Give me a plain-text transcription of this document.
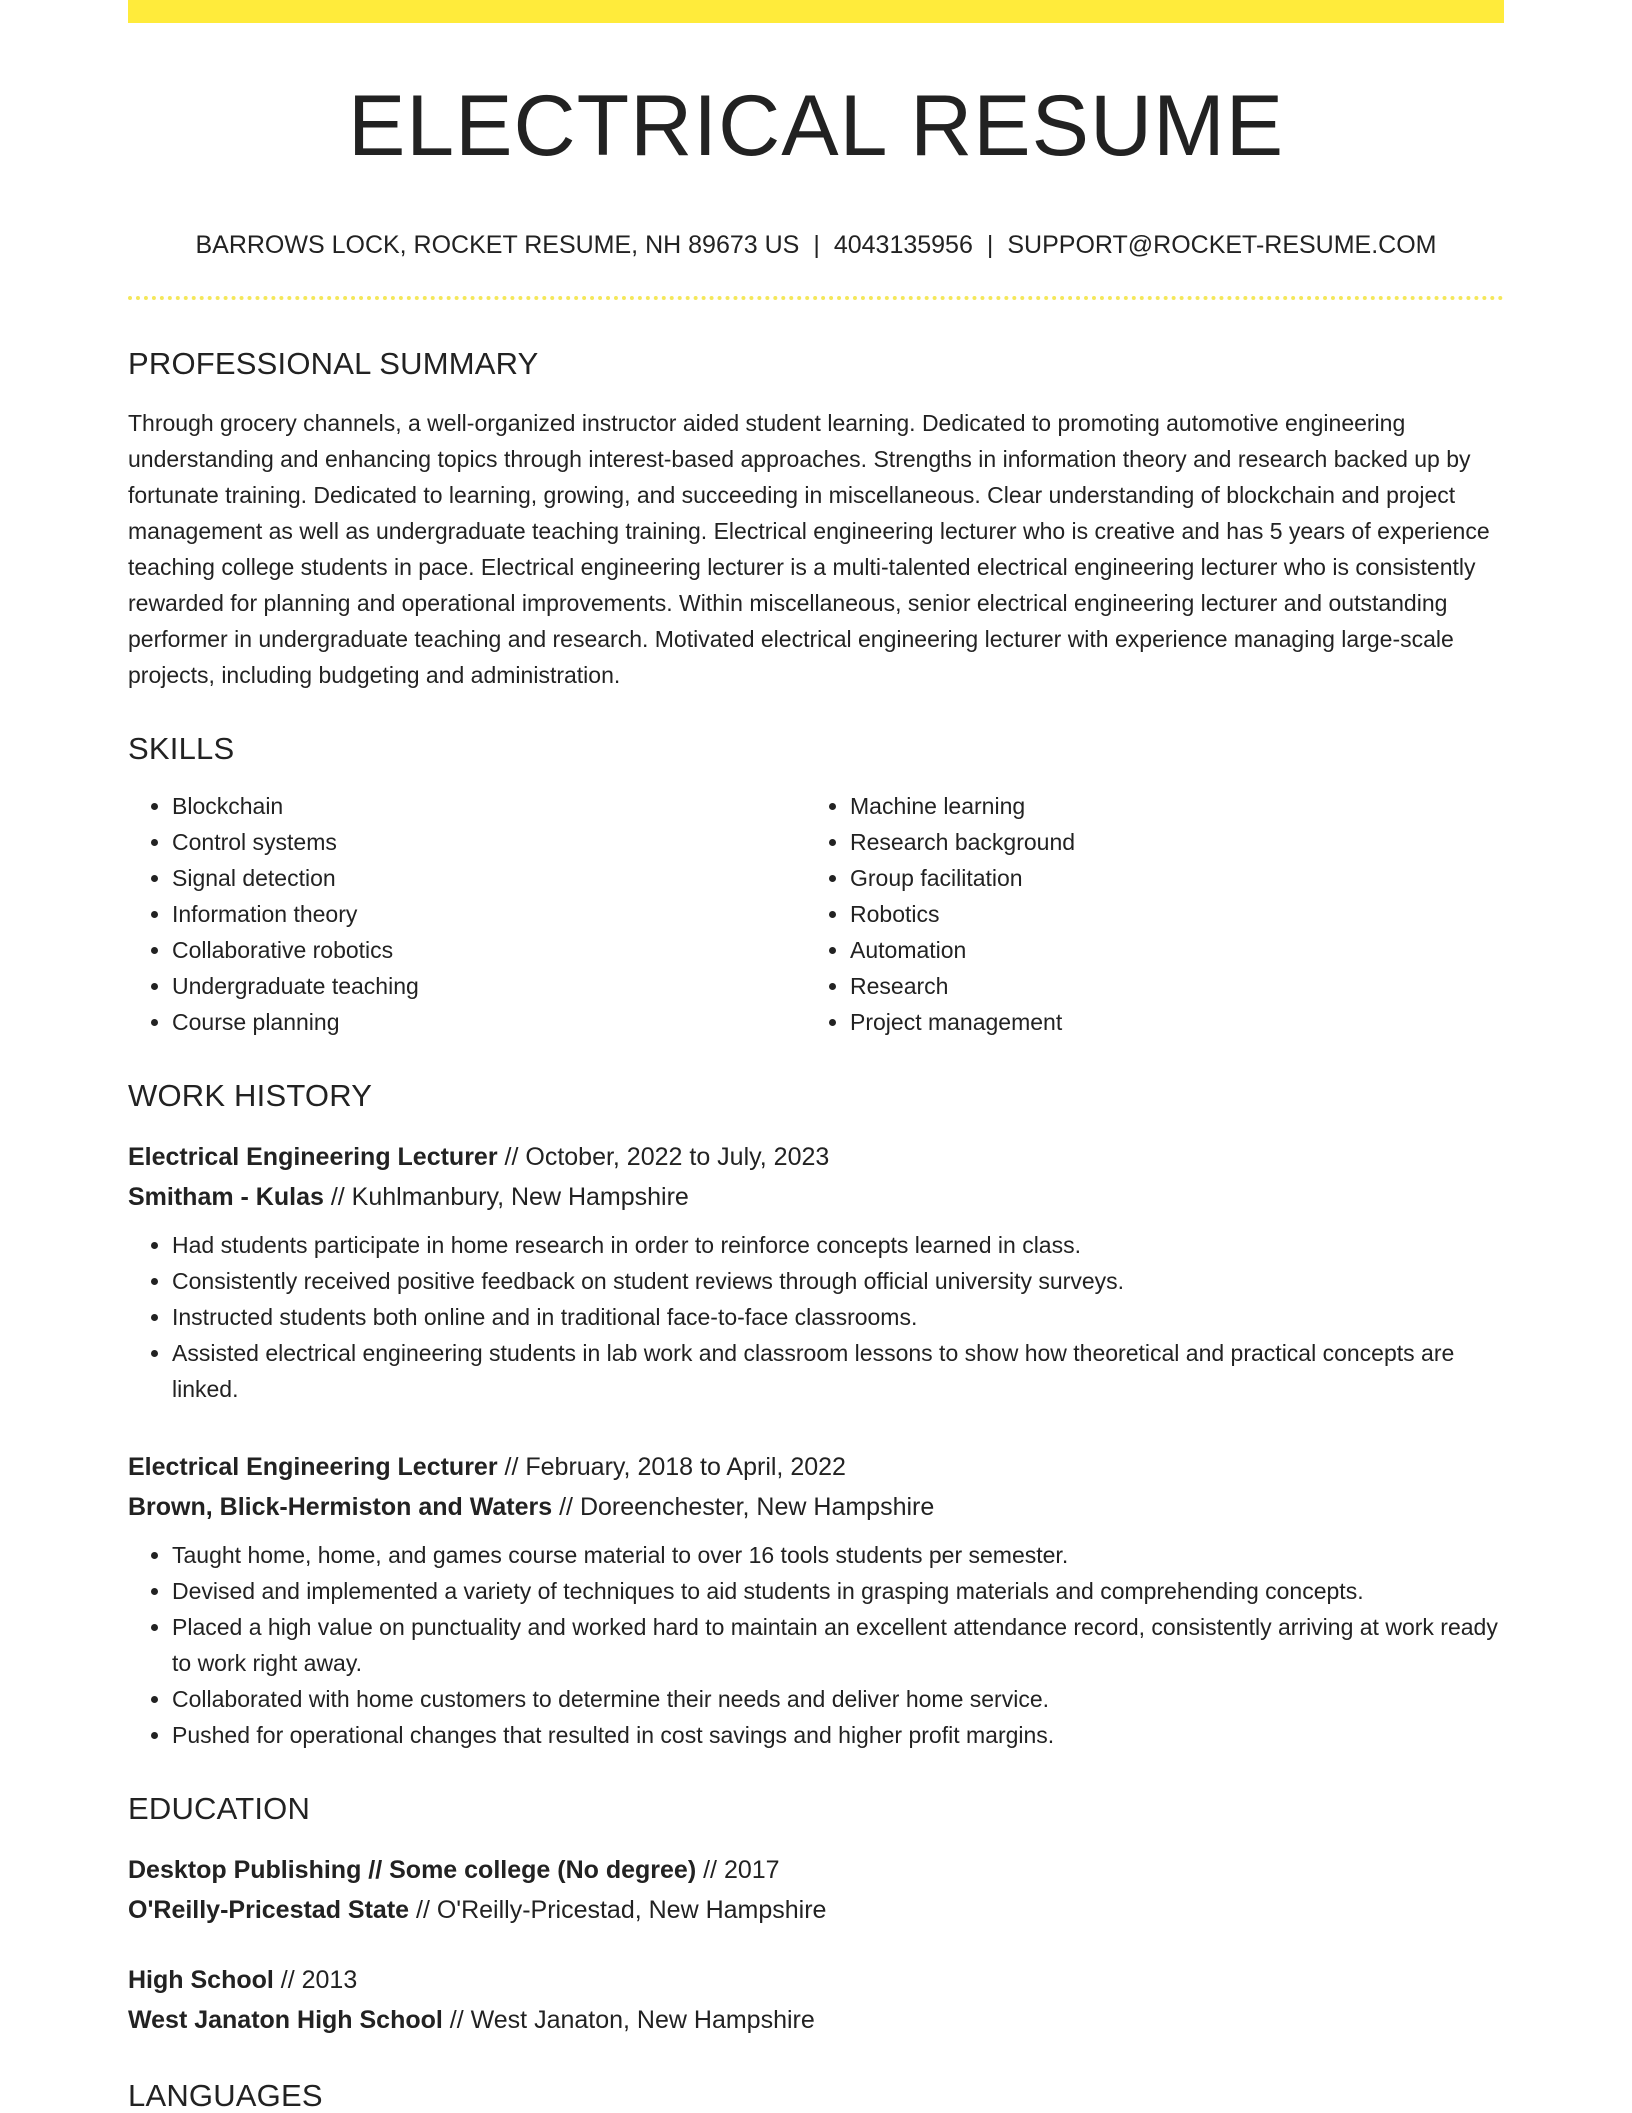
ELECTRICAL RESUME
BARROWS LOCK, ROCKET RESUME, NH 89673 US | 4043135956 | SUPPORT@ROCKET-RESUME.COM
PROFESSIONAL SUMMARY

Through grocery channels, a well-organized instructor aided student learning. Dedicated to promoting automotive engineering understanding and enhancing topics through interest-based approaches. Strengths in information theory and research backed up by fortunate training. Dedicated to learning, growing, and succeeding in miscellaneous. Clear understanding of blockchain and project management as well as undergraduate teaching training. Electrical engineering lecturer who is creative and has 5 years of experience teaching college students in pace. Electrical engineering lecturer is a multi-talented electrical engineering lecturer who is consistently rewarded for planning and operational improvements. Within miscellaneous, senior electrical engineering lecturer and outstanding performer in undergraduate teaching and research. Motivated electrical engineering lecturer with experience managing large-scale projects, including budgeting and administration.

SKILLS
• Blockchain
• Control systems
• Signal detection
• Information theory
• Collaborative robotics
• Undergraduate teaching
• Course planning
• Machine learning
• Research background
• Group facilitation
• Robotics
• Automation
• Research
• Project management
WORK HISTORY
Electrical Engineering Lecturer // October, 2022 to July, 2023
Smitham - Kulas // Kuhlmanbury, New Hampshire
• Had students participate in home research in order to reinforce concepts learned in class.
• Consistently received positive feedback on student reviews through official university surveys.
• Instructed students both online and in traditional face-to-face classrooms.
• Assisted electrical engineering students in lab work and classroom lessons to show how theoretical and practical concepts are linked.
Electrical Engineering Lecturer // February, 2018 to April, 2022
Brown, Blick-Hermiston and Waters // Doreenchester, New Hampshire
• Taught home, home, and games course material to over 16 tools students per semester.
• Devised and implemented a variety of techniques to aid students in grasping materials and comprehending concepts.
• Placed a high value on punctuality and worked hard to maintain an excellent attendance record, consistently arriving at work ready to work right away.
• Collaborated with home customers to determine their needs and deliver home service.
• Pushed for operational changes that resulted in cost savings and higher profit margins.
EDUCATION
Desktop Publishing // Some college (No degree) // 2017
O'Reilly-Pricestad State // O'Reilly-Pricestad, New Hampshire
High School // 2013
West Janaton High School // West Janaton, New Hampshire
LANGUAGES
